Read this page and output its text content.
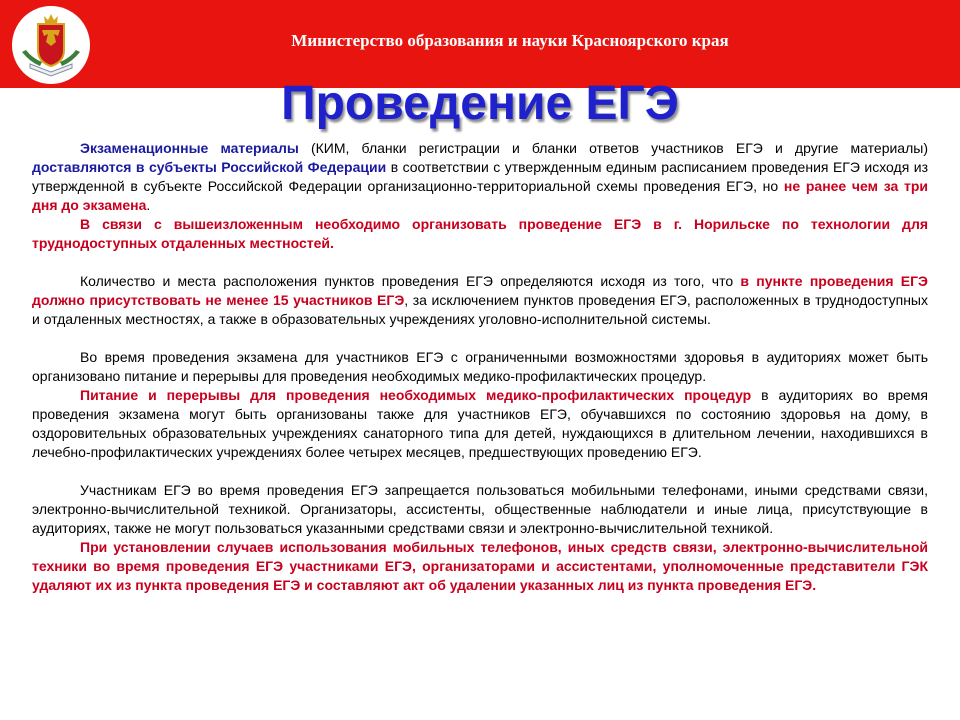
Министерство образования и науки Красноярского края
Проведение ЕГЭ

Экзаменационные материалы (КИМ, бланки регистрации и бланки ответов участников ЕГЭ и другие материалы) доставляются в субъекты Российской Федерации в соответствии с утвержденным единым расписанием проведения ЕГЭ исходя из утвержденной в субъекте Российской Федерации организационно-территориальной схемы проведения ЕГЭ, но не ранее чем за три дня до экзамена.

В связи с вышеизложенным необходимо организовать проведение ЕГЭ в г. Норильске по технологии для труднодоступных отдаленных местностей.

Количество и места расположения пунктов проведения ЕГЭ определяются исходя из того, что в пункте проведения ЕГЭ должно присутствовать не менее 15 участников ЕГЭ, за исключением пунктов проведения ЕГЭ, расположенных в труднодоступных и отдаленных местностях, а также в образовательных учреждениях уголовно-исполнительной системы.

Во время проведения экзамена для участников ЕГЭ с ограниченными возможностями здоровья в аудиториях может быть организовано питание и перерывы для проведения необходимых медико-профилактических процедур.

Питание и перерывы для проведения необходимых медико-профилактических процедур в аудиториях во время проведения экзамена могут быть организованы также для участников ЕГЭ, обучавшихся по состоянию здоровья на дому, в оздоровительных образовательных учреждениях санаторного типа для детей, нуждающихся в длительном лечении, находившихся в лечебно-профилактических учреждениях более четырех месяцев, предшествующих проведению ЕГЭ.

Участникам ЕГЭ во время проведения ЕГЭ запрещается пользоваться мобильными телефонами, иными средствами связи, электронно-вычислительной техникой. Организаторы, ассистенты, общественные наблюдатели и иные лица, присутствующие в аудиториях, также не могут пользоваться указанными средствами связи и электронно-вычислительной техникой.

При установлении случаев использования мобильных телефонов, иных средств связи, электронно-вычислительной техники во время проведения ЕГЭ участниками ЕГЭ, организаторами и ассистентами, уполномоченные представители ГЭК удаляют их из пункта проведения ЕГЭ и составляют акт об удалении указанных лиц из пункта проведения ЕГЭ.
